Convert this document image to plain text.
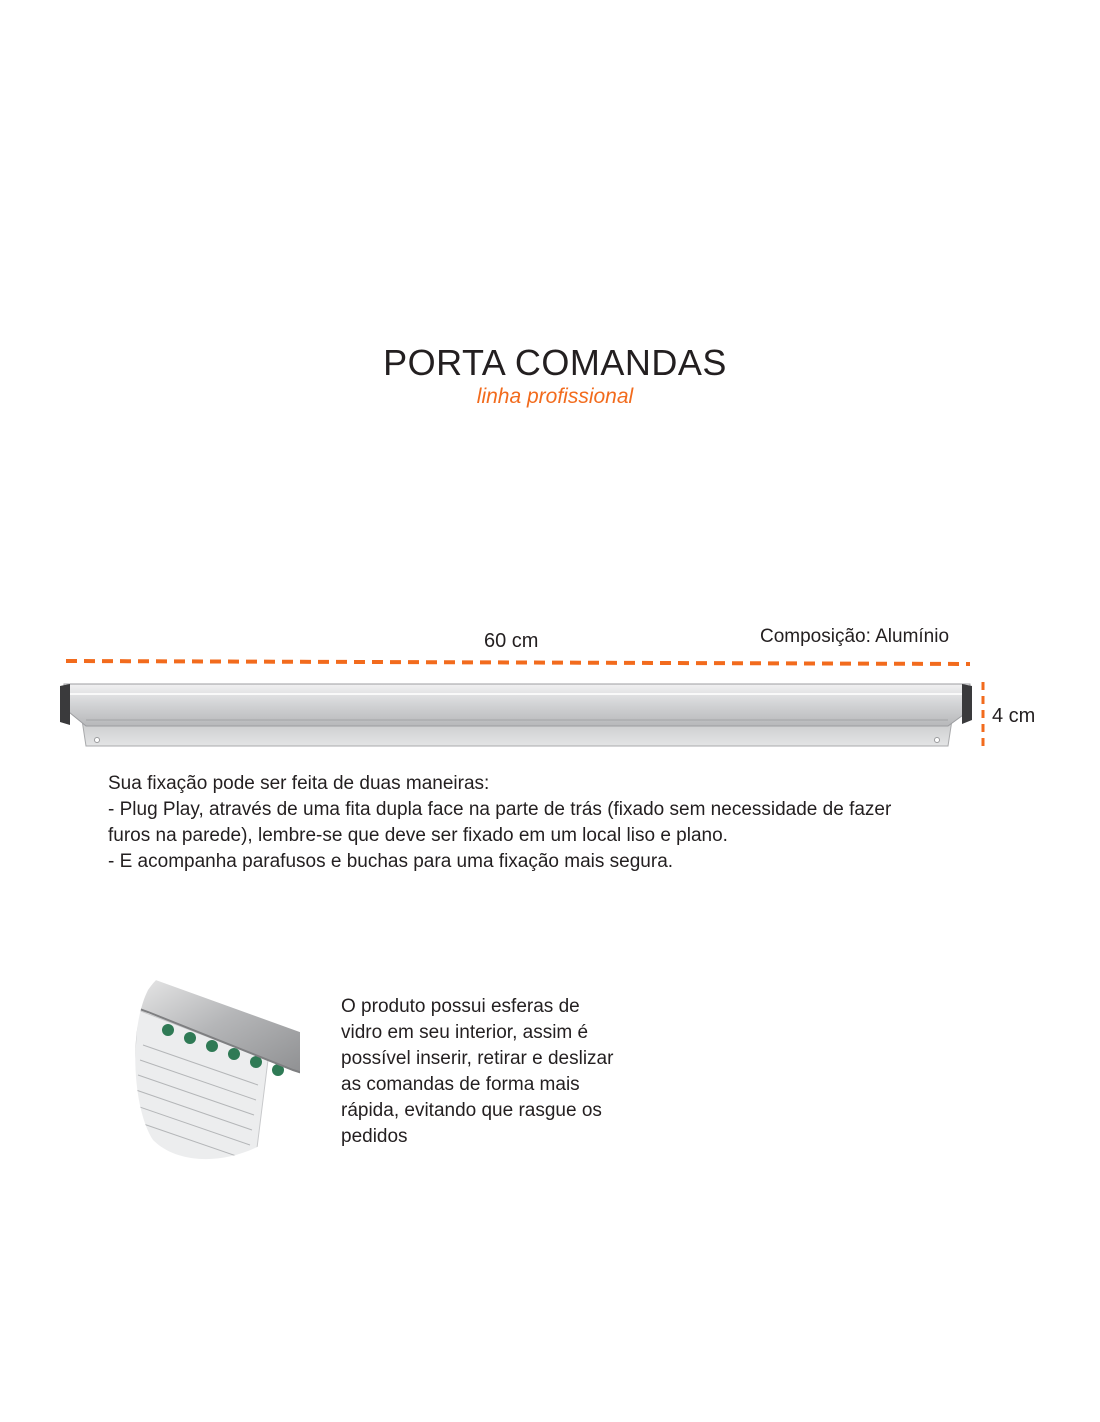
PORTA COMANDAS
linha profissional
60 cm	Composição: Alumínio
4 cm
Sua fixação pode ser feita de duas maneiras:
- Plug Play, através de uma fita dupla face na parte de trás (fixado sem necessidade de fazer
furos na parede), lembre-se que deve ser fixado em um local liso e plano.
- E acompanha parafusos e buchas para uma fixação mais segura.
O produto possui esferas de
vidro em seu interior, assim é
possível inserir, retirar e deslizar
as comandas de forma mais
rápida, evitando que rasgue os
pedidos
